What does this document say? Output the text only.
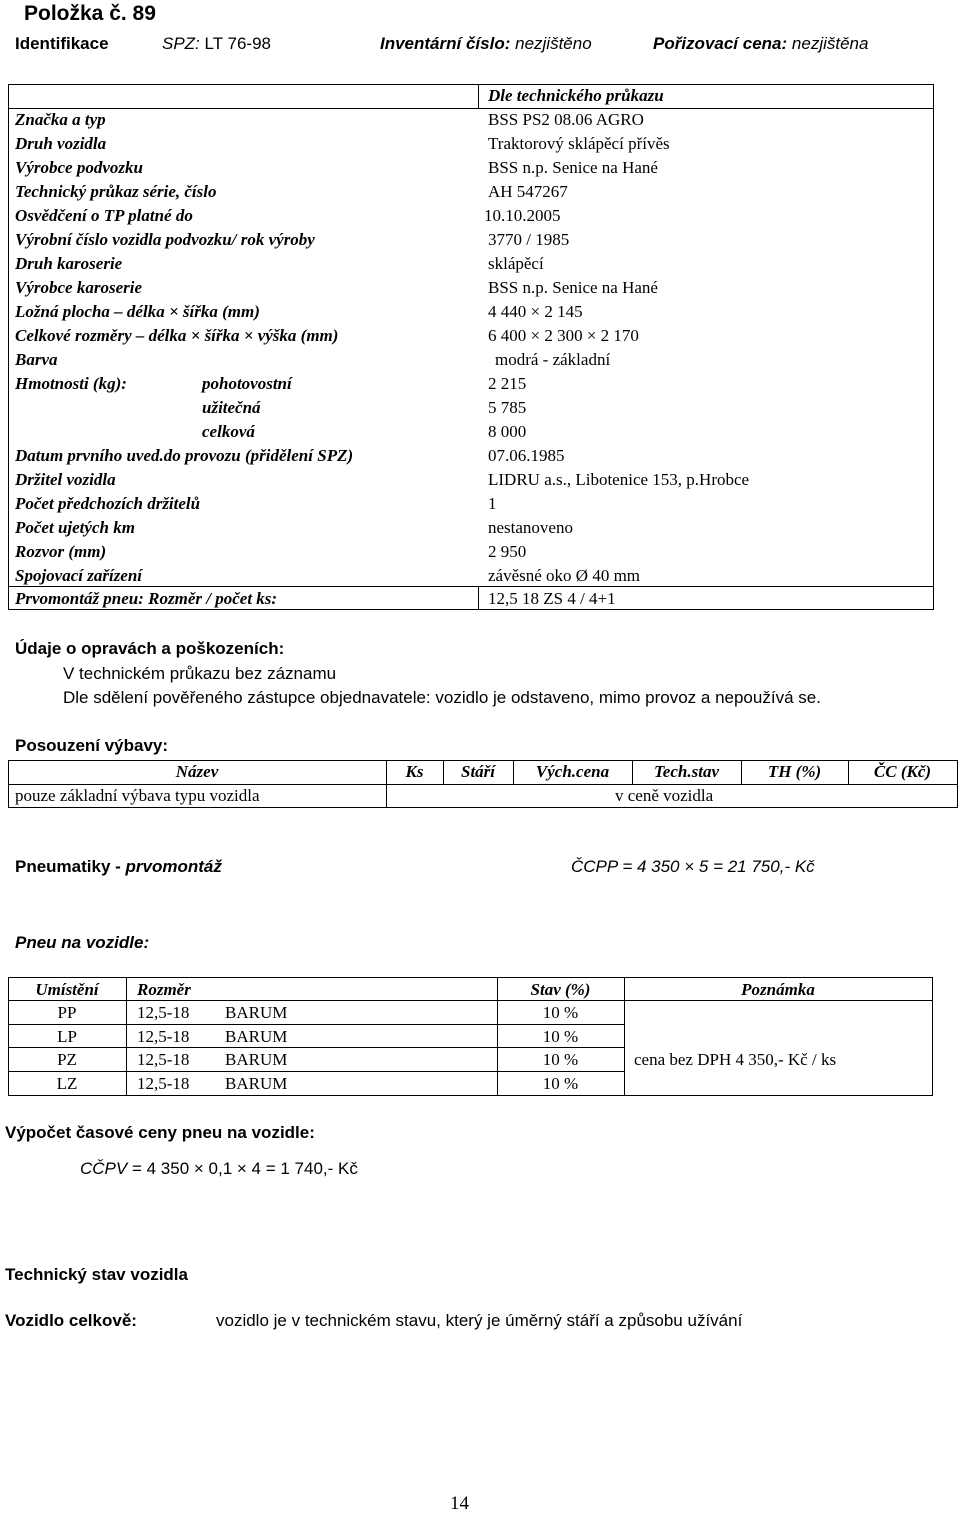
Položka č. 89
Identifikace	SPZ: LT 76-98	Inventární číslo: nezjištěno	Pořizovací cena: nezjištěna
Dle technického průkazu
Značka a typ	BSS PS2 08.06 AGRO
Druh vozidla	Traktorový sklápěcí přívěs
Výrobce podvozku	BSS n.p. Senice na Hané
Technický průkaz série, číslo	AH 547267
Osvědčení o TP platné do	10.10.2005
Výrobní číslo vozidla podvozku/ rok výroby	3770 / 1985
Druh karoserie	sklápěcí
Výrobce karoserie	BSS n.p. Senice na Hané
Ložná plocha – délka × šířka (mm)	4 440 × 2 145
Celkové rozměry – délka × šířka × výška (mm)	6 400 × 2 300 × 2 170
Barva	modrá - základní
Hmotnosti (kg):	pohotovostní	2 215
užitečná	5 785
celková	8 000
Datum prvního uved.do provozu (přidělení SPZ)	07.06.1985
Držitel vozidla	LIDRU a.s., Libotenice 153, p.Hrobce
Počet předchozích držitelů	1
Počet ujetých km	nestanoveno
Rozvor (mm)	2 950
Spojovací zařízení	závěsné oko Ø 40 mm
Prvomontáž pneu: Rozměr / počet ks:	12,5 18 ZS 4 / 4+1
Údaje o opravách a poškozeních:
V technickém průkazu bez záznamu
Dle sdělení pověřeného zástupce objednavatele: vozidlo je odstaveno, mimo provoz a nepoužívá se.
Posouzení výbavy:
Název	Ks	Stáří	Vých.cena	Tech.stav	TH (%)	ČC (Kč)
pouze základní výbava typu vozidla	v ceně vozidla
Pneumatiky - prvomontáž	ČCPP = 4 350 × 5 = 21 750,- Kč
Pneu na vozidle:
Umístění	Rozměr	Stav (%)	Poznámka
PP	12,5-18 BARUM	10 %
LP	12,5-18 BARUM	10 %
PZ	12,5-18 BARUM	10 %
LZ	12,5-18 BARUM	10 %
cena bez DPH 4 350,- Kč / ks
Výpočet časové ceny pneu na vozidle:
CČPV = 4 350 × 0,1 × 4 = 1 740,- Kč
Technický stav vozidla
Vozidlo celkově:	vozidlo je v technickém stavu, který je úměrný stáří a způsobu užívání
14
